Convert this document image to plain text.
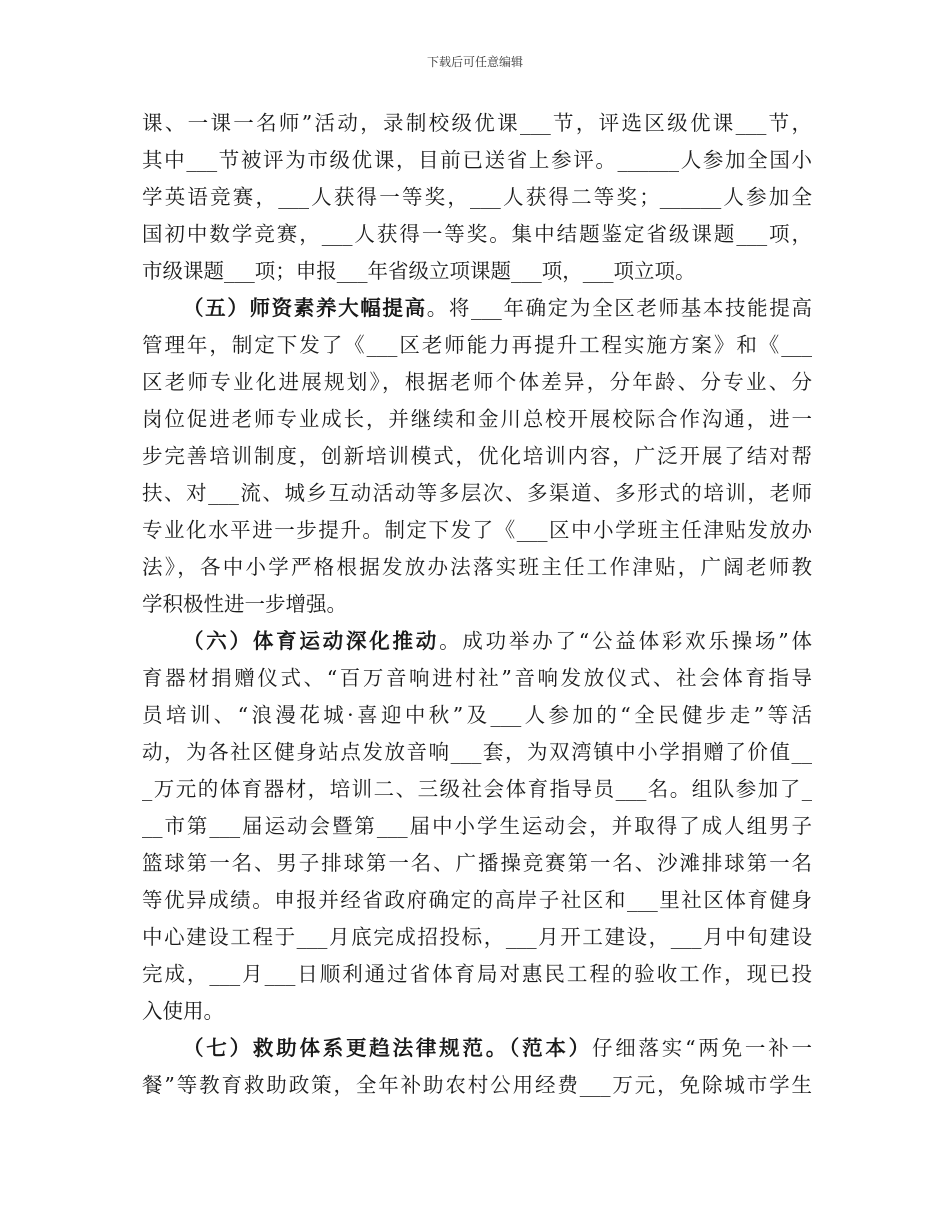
下载后可任意编辑
课、一课一名师”活动，录制校级优课___节，评选区级优课___节，
其中___节被评为市级优课，目前已送省上参评。______人参加全国小
学英语竞赛，___人获得一等奖，___人获得二等奖；______人参加全
国初中数学竞赛，___人获得一等奖。集中结题鉴定省级课题___项，
市级课题___项；申报___年省级立项课题___项，___项立项。
（五）师资素养大幅提高。将___年确定为全区老师基本技能提高
管理年，制定下发了《___区老师能力再提升工程实施方案》和《___
区老师专业化进展规划》，根据老师个体差异，分年龄、分专业、分
岗位促进老师专业成长，并继续和金川总校开展校际合作沟通，进一
步完善培训制度，创新培训模式，优化培训内容，广泛开展了结对帮
扶、对___流、城乡互动活动等多层次、多渠道、多形式的培训，老师
专业化水平进一步提升。制定下发了《___区中小学班主任津贴发放办
法》，各中小学严格根据发放办法落实班主任工作津贴，广阔老师教
学积极性进一步增强。
（六）体育运动深化推动。成功举办了“公益体彩欢乐操场”体
育器材捐赠仪式、“百万音响进村社”音响发放仪式、社会体育指导
员培训、“浪漫花城·喜迎中秋”及___人参加的“全民健步走”等活
动，为各社区健身站点发放音响___套，为双湾镇中小学捐赠了价值__
_万元的体育器材，培训二、三级社会体育指导员___名。组队参加了_
__市第___届运动会暨第___届中小学生运动会，并取得了成人组男子
篮球第一名、男子排球第一名、广播操竞赛第一名、沙滩排球第一名
等优异成绩。申报并经省政府确定的高岸子社区和___里社区体育健身
中心建设工程于___月底完成招投标，___月开工建设，___月中旬建设
完成，___月___日顺利通过省体育局对惠民工程的验收工作，现已投
入使用。
（七）救助体系更趋法律规范。（范本）仔细落实“两免一补一
餐”等教育救助政策，全年补助农村公用经费___万元，免除城市学生
